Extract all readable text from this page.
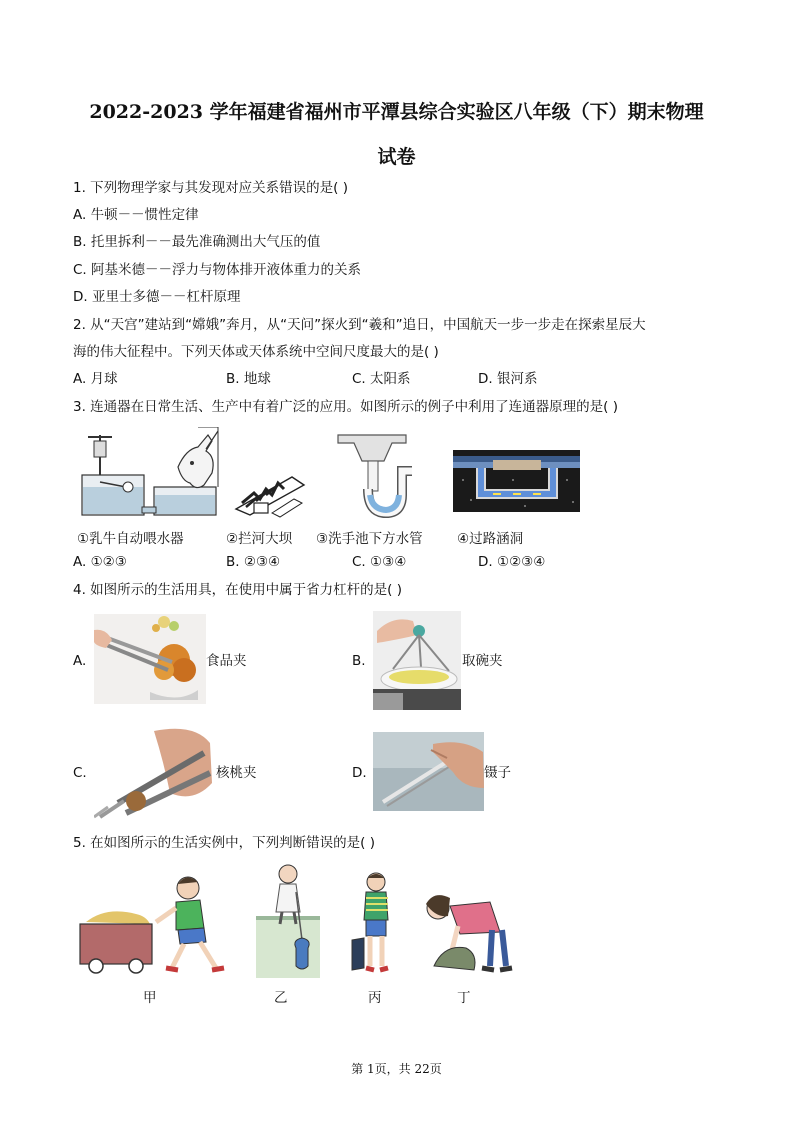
2022-2023 学年福建省福州市平潭县综合实验区八年级（下）期末物理
试卷
1. 下列物理学家与其发现对应关系错误的是( )
A. 牛顿－－惯性定律
B. 托里拆利－－最先准确测出大气压的值
C. 阿基米德－－浮力与物体排开液体重力的关系
D. 亚里士多德－－杠杆原理
2. 从“天宫”建站到“嫦娥”奔月，从“天问”探火到“羲和”追日，中国航天一步一步走在探索星辰大
海的伟大征程中。下列天体或天体系统中空间尺度最大的是( )
A. 月球	B. 地球	C. 太阳系	D. 银河系
3. 连通器在日常生活、生产中有着广泛的应用。如图所示的例子中利用了连通器原理的是( )
①乳牛自动喂水器	②拦河大坝 ③洗手池下方水管	④过路涵洞
A. ①②③	B. ②③④	C. ①③④	D. ①②③④
4. 如图所示的生活用具，在使用中属于省力杠杆的是( )
A.	食品夹	B.	取碗夹
C.	核桃夹	D.	镊子
5. 在如图所示的生活实例中，下列判断错误的是( )
甲	乙	丙	丁
第 1页，共 22页
